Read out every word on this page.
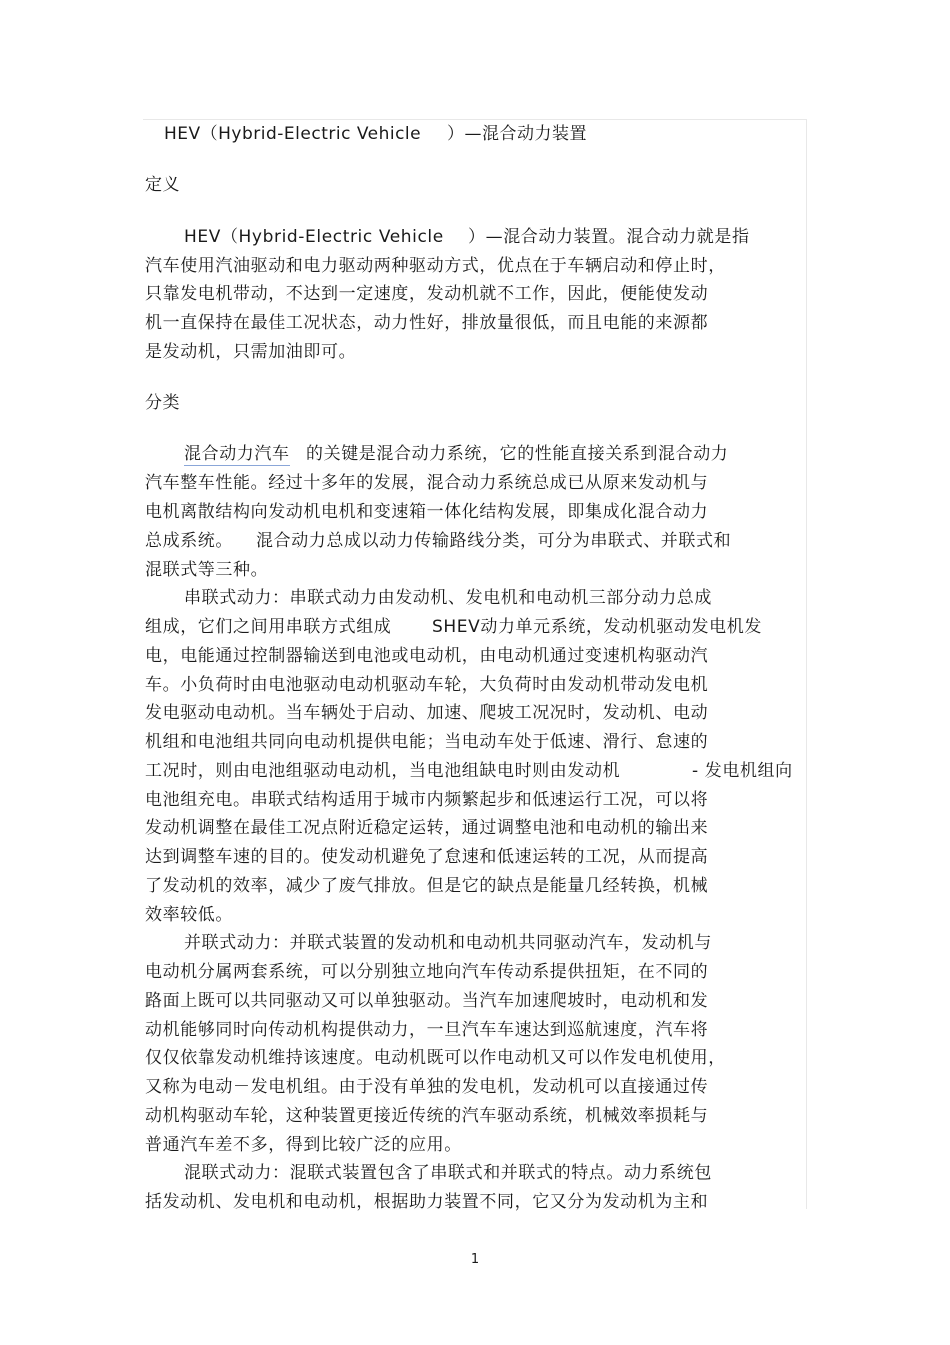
HEV（Hybrid-Electric Vehicle ）—混合动力装置
定义
HEV（Hybrid-Electric Vehicle ）—混合动力装置。混合动力就是指
汽车使用汽油驱动和电力驱动两种驱动方式，优点在于车辆启动和停止时，
只靠发电机带动，不达到一定速度，发动机就不工作，因此，便能使发动
机一直保持在最佳工况状态，动力性好，排放量很低，而且电能的来源都
是发动机，只需加油即可。
分类
混合动力汽车 的关键是混合动力系统，它的性能直接关系到混合动力
汽车整车性能。经过十多年的发展，混合动力系统总成已从原来发动机与
电机离散结构向发动机电机和变速箱一体化结构发展，即集成化混合动力
总成系统。 混合动力总成以动力传输路线分类，可分为串联式、并联式和
混联式等三种。
串联式动力：串联式动力由发动机、发电机和电动机三部分动力总成
组成，它们之间用串联方式组成 SHEV动力单元系统，发动机驱动发电机发
电，电能通过控制器输送到电池或电动机，由电动机通过变速机构驱动汽
车。小负荷时由电池驱动电动机驱动车轮，大负荷时由发动机带动发电机
发电驱动电动机。当车辆处于启动、加速、爬坡工况况时，发动机、电动
机组和电池组共同向电动机提供电能；当电动车处于低速、滑行、怠速的
工况时，则由电池组驱动电动机，当电池组缺电时则由发动机	- 发电机组向
电池组充电。串联式结构适用于城市内频繁起步和低速运行工况，可以将
发动机调整在最佳工况点附近稳定运转，通过调整电池和电动机的输出来
达到调整车速的目的。使发动机避免了怠速和低速运转的工况，从而提高
了发动机的效率，减少了废气排放。但是它的缺点是能量几经转换，机械
效率较低。
并联式动力：并联式装置的发动机和电动机共同驱动汽车，发动机与
电动机分属两套系统，可以分别独立地向汽车传动系提供扭矩，在不同的
路面上既可以共同驱动又可以单独驱动。当汽车加速爬坡时，电动机和发
动机能够同时向传动机构提供动力，一旦汽车车速达到巡航速度，汽车将
仅仅依靠发动机维持该速度。电动机既可以作电动机又可以作发电机使用，
又称为电动－发电机组。由于没有单独的发电机，发动机可以直接通过传
动机构驱动车轮，这种装置更接近传统的汽车驱动系统，机械效率损耗与
普通汽车差不多，得到比较广泛的应用。
混联式动力：混联式装置包含了串联式和并联式的特点。动力系统包
括发动机、发电机和电动机，根据助力装置不同，它又分为发动机为主和
1
